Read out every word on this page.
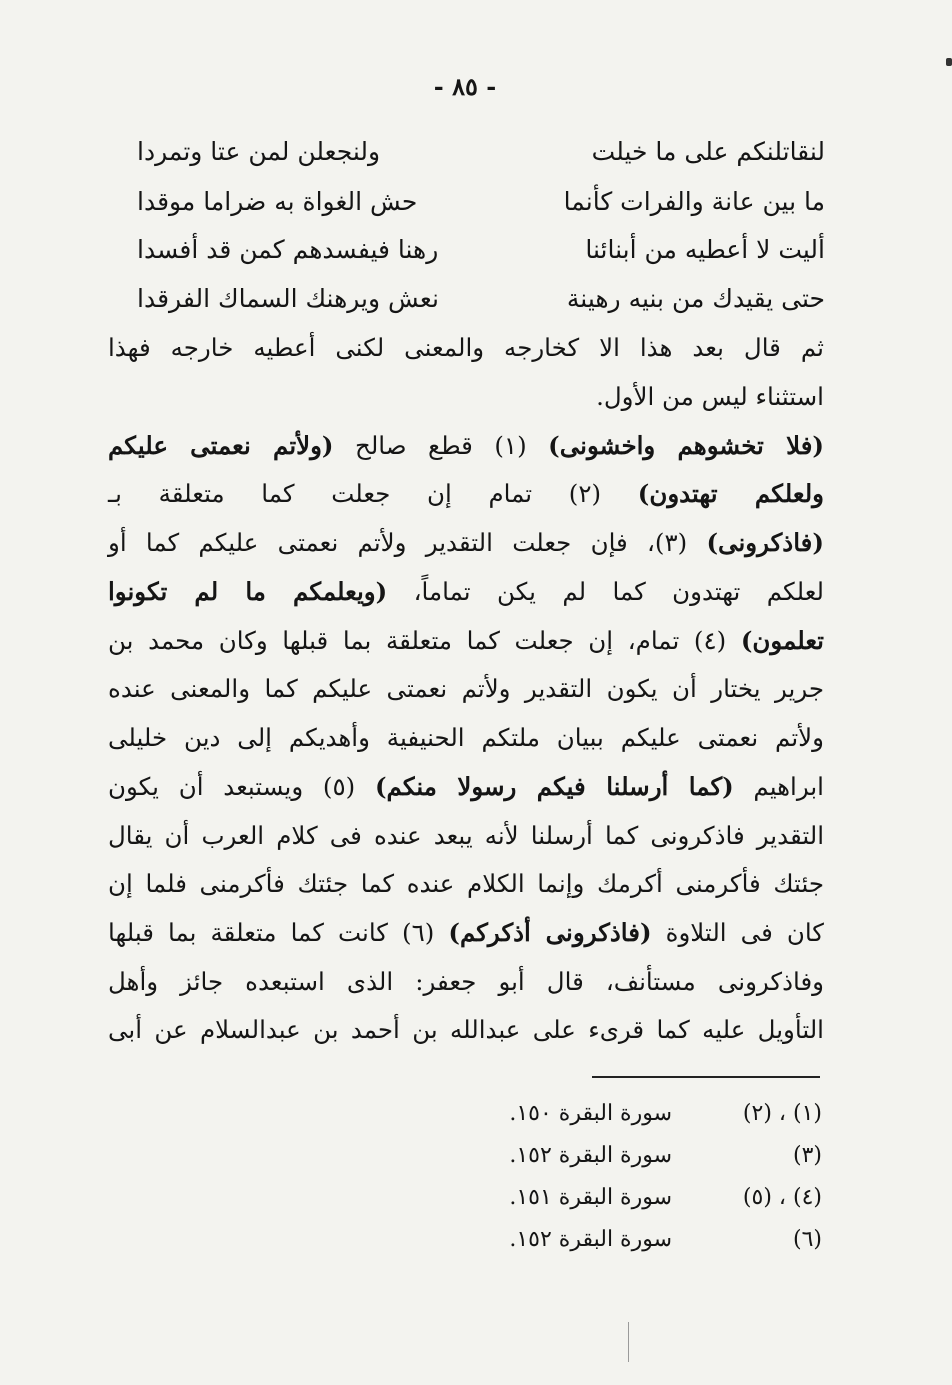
- ٨٥ -
لنقاتلنكم على ما خيلت
ولنجعلن لمن عتا وتمردا
ما بين عانة والفرات كأنما
حش الغواة به ضراما موقدا
أليت لا أعطيه من أبنائنا
رهنا فيفسدهم كمن قد أفسدا
حتى يقيدك من بنيه رهينة
نعش ويرهنك السماك الفرقدا
ثم قال بعد هذا الا كخارجه والمعنى لكنى أعطيه خارجه فهذا
استثناء ليس من الأول.
(فلا تخشوهم واخشونى) (١) قطع صالح (ولأتم نعمتى عليكم
ولعلكم تهتدون) (٢) تمام إن جعلت كما متعلقة بـ
(فاذكرونى) (٣)، فإن جعلت التقدير ولأتم نعمتى عليكم كما أو
لعلكم تهتدون كما لم يكن تماماً، (ويعلمكم ما لم تكونوا
تعلمون) (٤) تمام، إن جعلت كما متعلقة بما قبلها وكان محمد بن
جرير يختار أن يكون التقدير ولأتم نعمتى عليكم كما والمعنى عنده
ولأتم نعمتى عليكم ببيان ملتكم الحنيفية وأهديكم إلى دين خليلى
ابراهيم (كما أرسلنا فيكم رسولا منكم) (٥) ويستبعد أن يكون
التقدير فاذكرونى كما أرسلنا لأنه يبعد عنده فى كلام العرب أن يقال
جئتك فأكرمنى أكرمك وإنما الكلام عنده كما جئتك فأكرمنى فلما إن
كان فى التلاوة (فاذكرونى أذكركم) (٦) كانت كما متعلقة بما قبلها
وفاذكرونى مستأنف، قال أبو جعفر: الذى استبعده جائز وأهل
التأويل عليه كما قرىء على عبدالله بن أحمد بن عبدالسلام عن أبى
(١) ، (٢)
سورة البقرة ١٥٠.
(٣)
سورة البقرة ١٥٢.
(٤) ، (٥)
سورة البقرة ١٥١.
(٦)
سورة البقرة ١٥٢.
